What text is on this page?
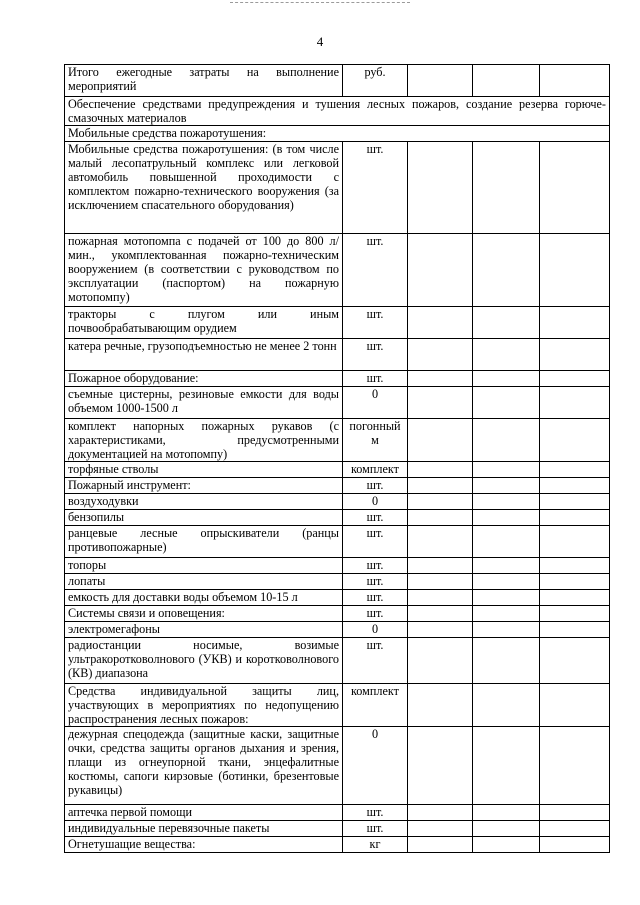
4
Итого ежегодные затраты на выполнение мероприятий	руб.			
Обеспечение средствами предупреждения и тушения лесных пожаров, создание резерва горюче-смазочных материалов				
Мобильные средства пожаротушения:				
Мобильные средства пожаротушения: (в том числе малый лесопатрульный комплекс или легковой автомобиль повышенной проходимости с комплектом пожарно-технического вооружения (за исключением спасательного оборудования)	шт.			
пожарная мотопомпа с подачей от 100 до 800 л/мин., укомплектованная пожарно-техническим вооружением (в соответствии с руководством по эксплуатации (паспортом) на пожарную мотопомпу)	шт.			
тракторы с плугом или иным почвообрабатывающим орудием	шт.			
катера речные, грузоподъемностью не менее 2 тонн	шт.			
Пожарное оборудование:	шт.			
съемные цистерны, резиновые емкости для воды объемом 1000-1500 л	0			
комплект напорных пожарных рукавов (с характеристиками, предусмотренными документацией на мотопомпу)	погонный м			
торфяные стволы	комплект			
Пожарный инструмент:	шт.			
воздуходувки	0			
бензопилы	шт.			
ранцевые лесные опрыскиватели (ранцы противопожарные)	шт.			
топоры	шт.			
лопаты	шт.			
емкость для доставки воды объемом 10-15 л	шт.			
Системы связи и оповещения:	шт.			
электромегафоны	0			
радиостанции носимые, возимые ультракоротковолнового (УКВ) и коротковолнового (КВ) диапазона	шт.			
Средства индивидуальной защиты лиц, участвующих в мероприятиях по недопущению распространения лесных пожаров:	комплект			
дежурная спецодежда (защитные каски, защитные очки, средства защиты органов дыхания и зрения, плащи из огнеупорной ткани, энцефалитные костюмы, сапоги кирзовые (ботинки, брезентовые рукавицы)	0			
аптечка первой помощи	шт.			
индивидуальные перевязочные пакеты	шт.			
Огнетушащие вещества:	кг			
